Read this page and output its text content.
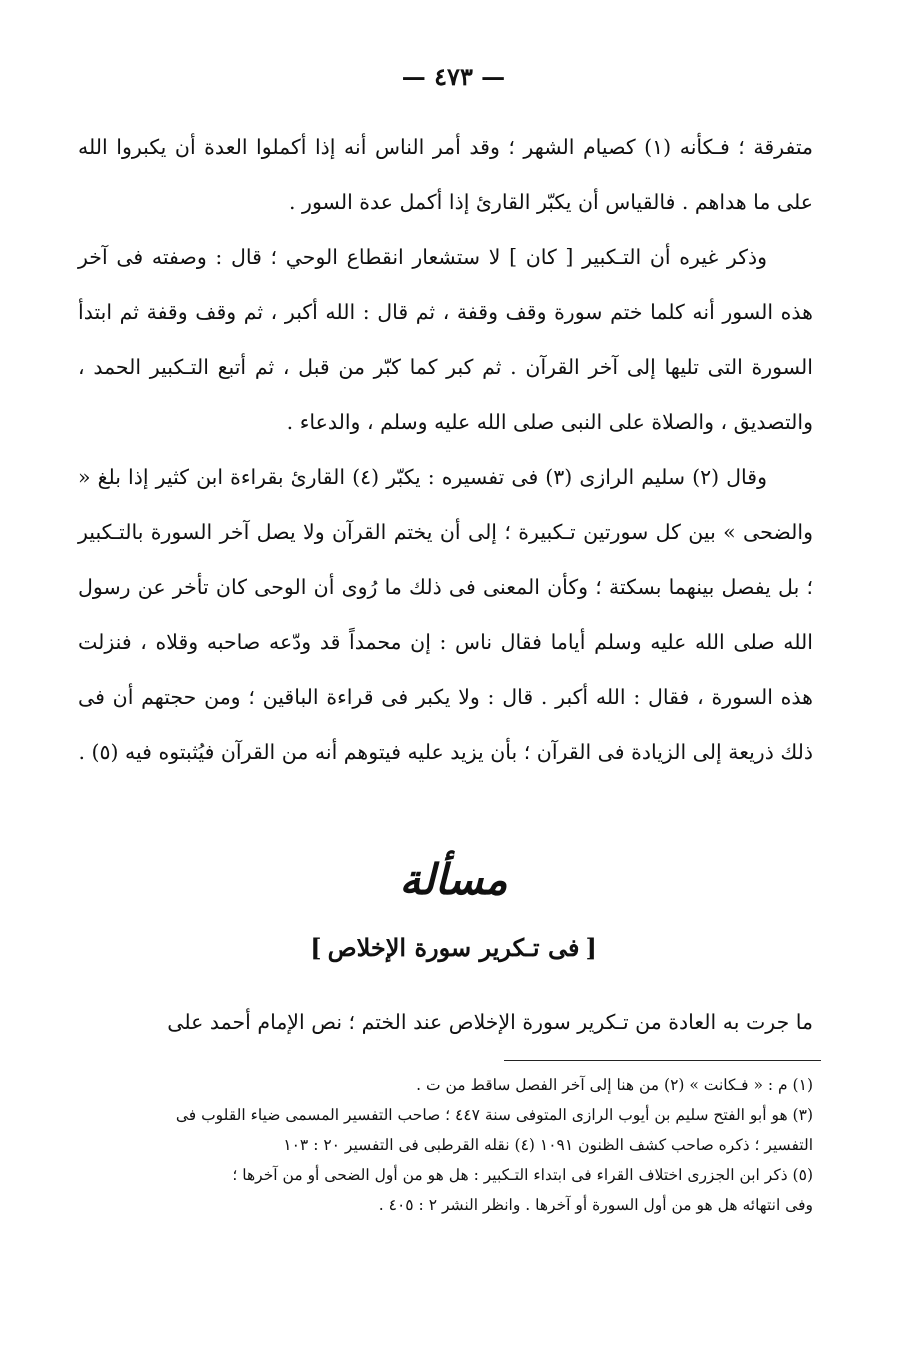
— ٤٧٣ —

متفرقة ؛ فـكأنه (١) كصيام الشهر ؛ وقد أمر الناس أنه إذا أكملوا العدة أن يكبروا الله على ما هداهم . فالقياس أن يكبّر القارئ إذا أكمل عدة السور .

وذكر غيره أن التـكبير [ كان ] لا ستشعار انقطاع الوحي ؛ قال : وصفته فى آخر هذه السور أنه كلما ختم سورة وقف وقفة ، ثم قال : الله أكبر ، ثم وقف وقفة ثم ابتدأ السورة التى تليها إلى آخر القرآن . ثم كبر كما كبّر من قبل ، ثم أتبع التـكبير الحمد ، والتصديق ، والصلاة على النبى صلى الله عليه وسلم ، والدعاء .

وقال (٢) سليم الرازى (٣) فى تفسيره : يكبّر (٤) القارئ بقراءة ابن كثير إذا بلغ « والضحى » بين كل سورتين تـكبيرة ؛ إلى أن يختم القرآن ولا يصل آخر السورة بالتـكبير ؛ بل يفصل بينهما بسكتة ؛ وكأن المعنى فى ذلك ما رُوى أن الوحى كان تأخر عن رسول الله صلى الله عليه وسلم أياما فقال ناس : إن محمداً قد ودّعه صاحبه وقلاه ، فنزلت هذه السورة ، فقال : الله أكبر . قال : ولا يكبر فى قراءة الباقين ؛ ومن حجتهم أن فى ذلك ذريعة إلى الزيادة فى القرآن ؛ بأن يزيد عليه فيتوهم أنه من القرآن فيُثبتوه فيه (٥) .

مسألة
[فى تـكرير سورة الإخلاص]

ما جرت به العادة من تـكرير سورة الإخلاص عند الختم ؛ نص الإمام أحمد على

(١) م : « فـكانت » (٢) من هنا إلى آخر الفصل ساقط من ت .

(٣) هو أبو الفتح سليم بن أيوب الرازى المتوفى سنة ٤٤٧ ؛ صاحب التفسير المسمى ضياء القلوب فى

التفسير ؛ ذكره صاحب كشف الظنون ١٠٩١ (٤) نقله القرطبى فى التفسير ٢٠ : ١٠٣

(٥) ذكر ابن الجزرى اختلاف القراء فى ابتداء التـكبير : هل هو من أول الضحى أو من آخرها ؛

وفى انتهائه هل هو من أول السورة أو آخرها . وانظر النشر ٢ : ٤٠٥ .
